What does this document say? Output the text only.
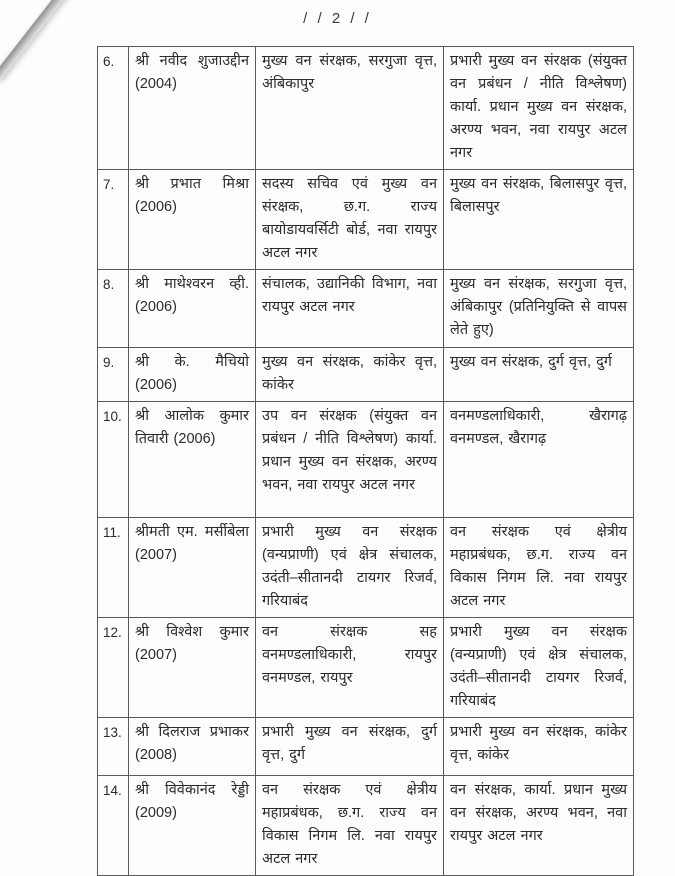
/ / 2 / /
6.	श्री नवीद शुजाउद्दीन (2004)	मुख्य वन संरक्षक, सरगुजा वृत्त, अंबिकापुर	प्रभारी मुख्य वन संरक्षक (संयुक्त वन प्रबंधन / नीति विश्लेषण) कार्या. प्रधान मुख्य वन संरक्षक, अरण्य भवन, नवा रायपुर अटल नगर
7.	श्री प्रभात मिश्रा (2006)	सदस्य सचिव एवं मुख्य वन संरक्षक, छ.ग. राज्य बायोडायवर्सिटी बोर्ड, नवा रायपुर अटल नगर	मुख्य वन संरक्षक, बिलासपुर वृत्त, बिलासपुर
8.	श्री माथेश्वरन व्ही. (2006)	संचालक, उद्यानिकी विभाग, नवा रायपुर अटल नगर	मुख्य वन संरक्षक, सरगुजा वृत्त, अंबिकापुर (प्रतिनियुक्ति से वापस लेते हुए)
9.	श्री के. मैचियो (2006)	मुख्य वन संरक्षक, कांकेर वृत्त, कांकेर	मुख्य वन संरक्षक, दुर्ग वृत्त, दुर्ग
10.	श्री आलोक कुमार तिवारी (2006)	उप वन संरक्षक (संयुक्त वन प्रबंधन / नीति विश्लेषण) कार्या. प्रधान मुख्य वन संरक्षक, अरण्य भवन, नवा रायपुर अटल नगर	वनमण्डलाधिकारी, खैरागढ़ वनमण्डल, खैरागढ़
11.	श्रीमती एम. मर्सीबेला (2007)	प्रभारी मुख्य वन संरक्षक (वन्यप्राणी) एवं क्षेत्र संचालक, उदंती–सीतानदी टायगर रिजर्व, गरियाबंद	वन संरक्षक एवं क्षेत्रीय महाप्रबंधक, छ.ग. राज्य वन विकास निगम लि. नवा रायपुर अटल नगर
12.	श्री विश्वेश कुमार (2007)	वन संरक्षक सह वनमण्डलाधिकारी, रायपुर वनमण्डल, रायपुर	प्रभारी मुख्य वन संरक्षक (वन्यप्राणी) एवं क्षेत्र संचालक, उदंती–सीतानदी टायगर रिजर्व, गरियाबंद
13.	श्री दिलराज प्रभाकर (2008)	प्रभारी मुख्य वन संरक्षक, दुर्ग वृत्त, दुर्ग	प्रभारी मुख्य वन संरक्षक, कांकेर वृत्त, कांकेर
14.	श्री विवेकानंद रेड्डी (2009)	वन संरक्षक एवं क्षेत्रीय महाप्रबंधक, छ.ग. राज्य वन विकास निगम लि. नवा रायपुर अटल नगर	वन संरक्षक, कार्या. प्रधान मुख्य वन संरक्षक, अरण्य भवन, नवा रायपुर अटल नगर
